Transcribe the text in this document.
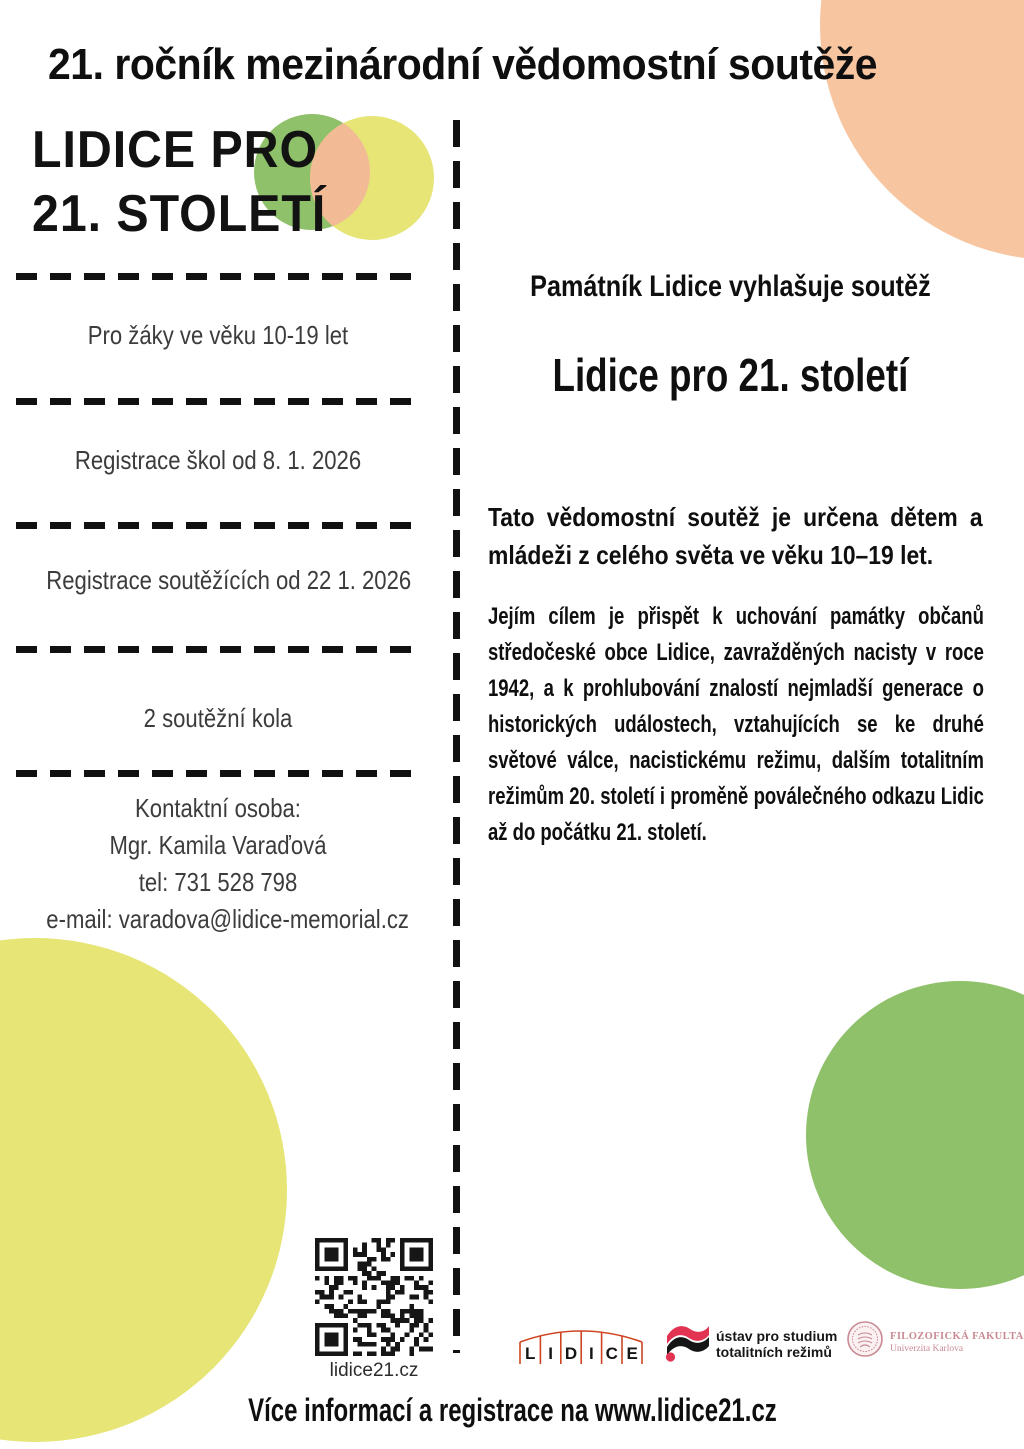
21. ročník mezinárodní vědomostní soutěže
LIDICE PRO
21. STOLETÍ
Pro žáky ve věku 10-19 let
Registrace škol od 8. 1. 2026
Registrace soutěžících od 22 1. 2026
2 soutěžní kola
Kontaktní osoba:
Mgr. Kamila Varaďová
tel: 731 528 798
e-mail: varadova@lidice-memorial.cz
Památník Lidice vyhlašuje soutěž
Lidice pro 21. století

Tato vědomostní soutěž je určena dětem a mládeži z celého světa ve věku 10–19 let.

Jejím cílem je přispět k uchování památky občanů středočeské obce Lidice, zavražděných nacisty v roce 1942, a k prohlubování znalostí nejmladší generace o historických událostech, vztahujících se ke druhé světové válce, nacistickému režimu, dalším totalitním režimům 20. století i proměně poválečného odkazu Lidic až do počátku 21. století.

lidice21.cz
L I D I C E
ústav pro studium
totalitních režimů
FILOZOFICKÁ FAKULTA
Univerzita Karlova

Více informací a registrace na www.lidice21.cz
